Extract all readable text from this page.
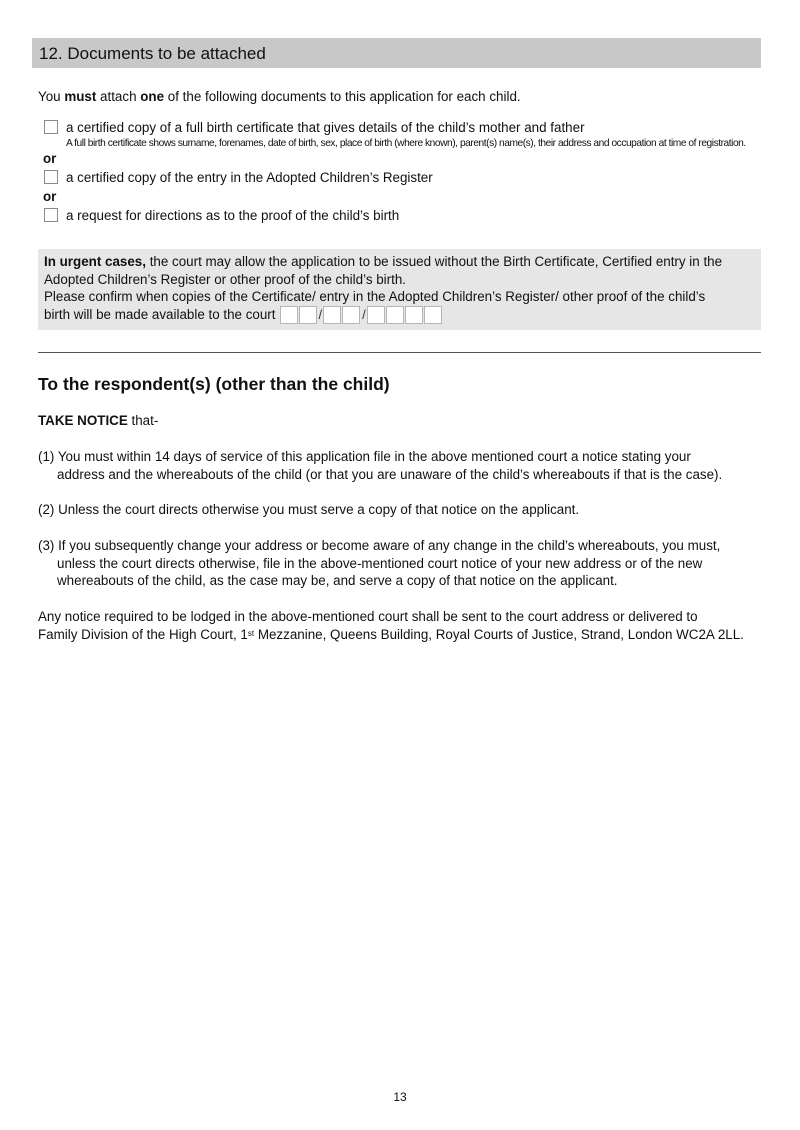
12. Documents to be attached
You must attach one of the following documents to this application for each child.
a certified copy of a full birth certificate that gives details of the child’s mother and father
A full birth certificate shows surname, forenames, date of birth, sex, place of birth (where known), parent(s) name(s), their address and occupation at time of registration.
or
a certified copy of the entry in the Adopted Children’s Register
or
a request for directions as to the proof of the child’s birth

In urgent cases, the court may allow the application to be issued without the Birth Certificate, Certified entry in the

Adopted Children’s Register or other proof of the child’s birth.

Please confirm when copies of the Certificate/ entry in the Adopted Children’s Register/ other proof of the child’s

birth will be made available to the court	/	/
To the respondent(s) (other than the child)
TAKE NOTICE that-
(1) You must within 14 days of service of this application file in the above mentioned court a notice stating your
address and the whereabouts of the child (or that you are unaware of the child’s whereabouts if that is the case).
(2) Unless the court directs otherwise you must serve a copy of that notice on the applicant.
(3) If you subsequently change your address or become aware of any change in the child’s whereabouts, you must,
unless the court directs otherwise, file in the above-mentioned court notice of your new address or of the new
whereabouts of the child, as the case may be, and serve a copy of that notice on the applicant.
Any notice required to be lodged in the above-mentioned court shall be sent to the court address or delivered to
Family Division of the High Court, 1st Mezzanine, Queens Building, Royal Courts of Justice, Strand, London WC2A 2LL.
13
